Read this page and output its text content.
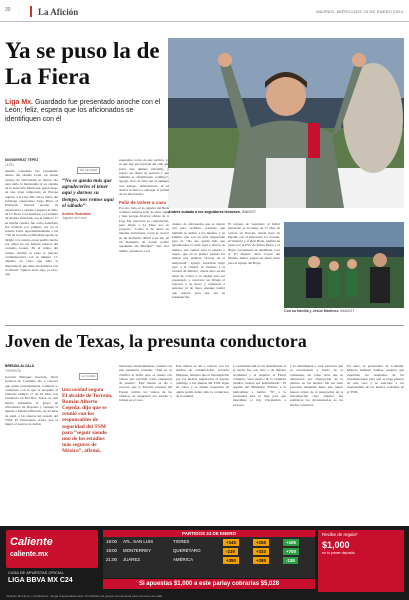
30	La Afición	MILENIO, MIÉRCOLES 24 DE ENERO 2024
Ya se puso la de La Fiera
Liga Mx. Guardado fue presentado anoche con el León; feliz, espera que los aficionados se identifiquen con él
Andrés cubado a los seguidores leoneses. IMAGO7
MONSERRAT TÉPEZ
LEÓN
Andrés Guardado fue presentado dentro del estadio León, en donde cientos de aficionados se dieron cita para darle la bienvenida al ex capitán de la Selección Mexicana, quien luego de una larga temporada en Europa regresa a la Liga Mx. De la mano del estratega venezolano Jorge Bava, el Principito buscará aportar su experiencia y ayudar a superar el éxito de La Fiera. Con banderas y el nombre de Andrés Guardado con el número 17 en mucha cancha, fue como Guardado fue recibido por primera vez en el estadio León. Aproximadamente a las 7:30 de la noche el futbolista tapatío se dirigió a la cancha en un pasillo hecho por niños de las fuerzas básicas del conjunto leonés. En el centro del campo, Andrés se puso la playera conmemorativa con el número 17, dejando en claro que sabe la importancia que tiene sus números con la afición. “Quiero decir algo, yo sé lo que
NO LE DIGO
“No se queda más que agradecerles el tener aquí y darnos su tiempo, nos vemos aquí el sábado”
Andrés Guardado
Jugador del León
esperamos todos en este partido, yo sé que hay una leyenda del club que portó este número (Roselli), y espero ser digno de portarlo y que también se identifiquen conmigo”, agregó. Pero le falta dar el ejemplo con trabajo, demostrando, él se dedica al futbol a entregar la pasión de los aficionados.
Feliz de volver a casa
Por otro lado, el ex jugador del Betis comentó sentirse feliz de estar aquí, y más porque diversos clubes de la Liga Mx buscaron su contratación, pero eligió a La Fiera por su proyecto. “Como le he dicho en muchas entrevistas, León se acercó en un momento difícil para mí, en un momento en donde podría quedarme sin Mundial”, dijo. Por último, agradeció a los
cientos de aficionados que se dieron cita para recibirlo, palabras que también le dedicó a los medios, y su familia, que son un pilar importante para él. “No me queda más que agradecerles el venir aquí y darnos su tiempo, nos vemos aquí el sábado y espero que en el primer partido les demos una primera victoria de la temporada”, agregó. Guardado llegó ayer a la ciudad, se trasladó a la Ciudad de México, donde hizo escala antes de volver a su ciudad para ser presentado y concretar su fichaje al regresar a su tierra y comenzar a entrenar ya de lleno. Aunque tendrá que esperar para que sea su presentación.
El regreso de Guardado al futbol mexicano se da luego de 17 años de carrera en Europa, donde jugó en España con el Deportivo La Coruña, el Valencia y el Real Betis, además de pasar por el PSV de Países Bajos y el Bayer Leverkusen de Alemania. Con el Tri disputó cinco Copas del Mundo. Ahora, espera ser pieza clave para el equipo del Bajío.
Con su familia y Jesús Martínez. IMAGO7
Joven de Texas, la presunta conductora
BRENDA ALCALÁ
TORREÓN
Gerardo Márquez Guevara, fiscal General de Coahuila, dio a conocer que quien presuntamente conducía la camioneta con la que se atropelló al fallecido número 17 de 25 años, con residencia en Del Río, Texas, la cual habría embestido al grupo de aficionados de Rayados y causado la muerte a Maribel Mercado, de 52 años de edad, a las afueras del estadio del TSM. El funcionario aclaró que la mujer, al parecer, le habría
LA CLAVE
Una unidad segura
El alcalde de Torreón, Román Alberto Cepeda, dijo que se reunió con los responsables de seguridad del TSM para “seguir siendo uno de los estadios más seguros de México”, afirmó.
mexicano-estadounidense, contaba con una asistencia consular. “Aún no se clarifica el delito pero se cuenta con videos que servirán como elementos de prueba”. Este martes se dio a conocer que la Fiscalía General del Estado recibió los videos de las cámaras de seguridad del estadio y trabaja en el caso.
Este martes se dio a conocer con los medios de comunicación, Gerardo Márquez, informó que la investigación por los hechos registrados el pasado domingo a las afueras del TSM sigue en curso y se tienen sospechas de quién podría haber sido la conductora de la unidad.
La autoridad aún no ha determinado si el hecho fue con dolo o de manera accidental y el respecto el Fiscal comentó: “será motivo de la conducta jurídica cuando sea judicializado”. El Agente del Ministerio Público a la judicializar a Jenifer “N” y la presentará ante el Juez para que determine si hay vinculación a proceso.
y se identifiquen a otras personas que se encontraban a bordo de la camioneta, así como otras que se detuvieron por obstrucción de la justicia en los hechos. De las siete personas detenidas hasta este lunes, fueron objeto de la integración de la investigación cuyo objetivo fue establecer las circunstancias de los hechos ocurridos.
En tanto, el gobernador de Coahuila, Manolo Jiménez Salinas, aseguró que esperarán los resultados de las investigaciones para que se haga justicia en este caso y se sancione a los responsables de los hechos ocurridos en el TSM.
Caliente
caliente.mx
CASA DE APUESTAS OFICIAL
LIGA BBVA MX C24
PARTIDOS 24 DE ENERO
19:00 ATL. SAN LUIS	TIGRES	+245	+255	+105
19:00 MONTERREY	QUERÉTARO	-239	+333	+700
21:00 JUÁREZ	AMÉRICA	+350	+285	-138
Si apuestas $1,000 a este parlay cobrarías $5,028
Recibe de regalo*
$1,000
en tu primer depósito
*Aplican términos y condiciones. Juega responsablemente. Prohibidos los juegos con apuesta para menores de edad.
